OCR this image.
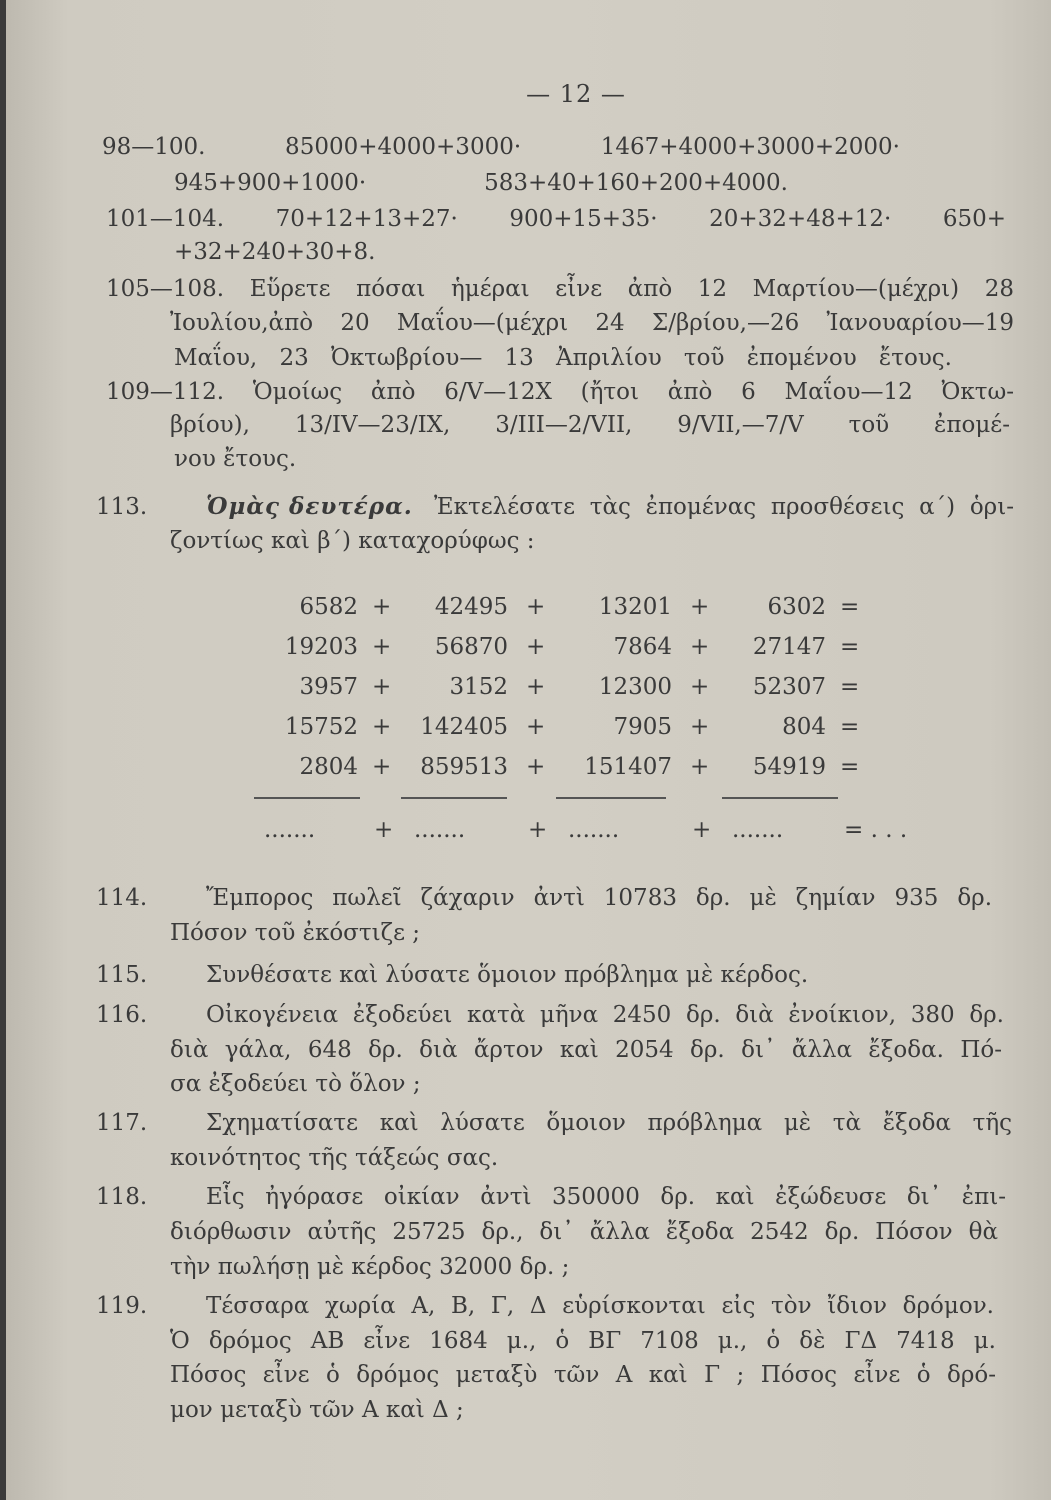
— 12 —
98—100. 85000+4000+3000· 1467+4000+3000+2000·
945+900+1000· 583+40+160+200+4000.
101—104. 70+12+13+27· 900+15+35· 20+32+48+12· 650+
+32+240+30+8.
105—108. Εὕρετε πόσαι ἡμέραι εἶνε ἀπὸ 12 Μαρτίου—(μέχρι) 28
Ἰουλίου,ἀπὸ 20 Μαΐου—(μέχρι 24 Σ/βρίου,—26 Ἰανουαρίου—19
Μαΐου, 23 Ὀκτωβρίου— 13 Ἀπριλίου τοῦ ἐπομένου ἔτους.
109—112. Ὁμοίως ἀπὸ 6/V—12X (ἤτοι ἀπὸ 6 Μαΐου—12 Ὀκτω-
βρίου), 13/IV—23/IX, 3/III—2/VII, 9/VII,—7/V τοῦ ἐπομέ-
νου ἔτους.
113.	Ὁμὰς δευτέρα. Ἐκτελέσατε τὰς ἐπομένας προσθέσεις α΄) ὁρι-
ζοντίως καὶ β΄) καταχορύφως :
6582 +	42495 +	13201 +	6302 =
19203 +	56870 +	7864 +	27147 =
3957 +	3152 +	12300 +	52307 =
15752 +	142405 +	7905 +	804 =
2804 +	859513 +	151407 +	54919 =
.......	+ .......	+ .......	+ .......	= . . .
114.	Ἔμπορος πωλεῖ ζάχαριν ἀντὶ 10783 δρ. μὲ ζημίαν 935 δρ.
Πόσον τοῦ ἐκόστιζε ;
115.	Συνθέσατε καὶ λύσατε ὅμοιον πρόβλημα μὲ κέρδος.
116.	Οἰκογένεια ἐξοδεύει κατὰ μῆνα 2450 δρ. διὰ ἐνοίκιον, 380 δρ.
διὰ γάλα, 648 δρ. διὰ ἄρτον καὶ 2054 δρ. δι᾽ ἄλλα ἔξοδα. Πό-
σα ἐξοδεύει τὸ ὅλον ;
117.	Σχηματίσατε καὶ λύσατε ὅμοιον πρόβλημα μὲ τὰ ἔξοδα τῆς
κοινότητος τῆς τάξεώς σας.
118.	Εἷς ἠγόρασε οἰκίαν ἀντὶ 350000 δρ. καὶ ἐξώδευσε δι᾽ ἐπι-
διόρθωσιν αὐτῆς 25725 δρ., δι᾽ ἄλλα ἔξοδα 2542 δρ. Πόσον θὰ
τὴν πωλήσῃ μὲ κέρδος 32000 δρ. ;
119.	Τέσσαρα χωρία Α, Β, Γ, Δ εὑρίσκονται εἰς τὸν ἴδιον δρόμον.
Ὁ δρόμος ΑΒ εἶνε 1684 μ., ὁ ΒΓ 7108 μ., ὁ δὲ ΓΔ 7418 μ.
Πόσος εἶνε ὁ δρόμος μεταξὺ τῶν Α καὶ Γ ; Πόσος εἶνε ὁ δρό-
μον μεταξὺ τῶν Α καὶ Δ ;
